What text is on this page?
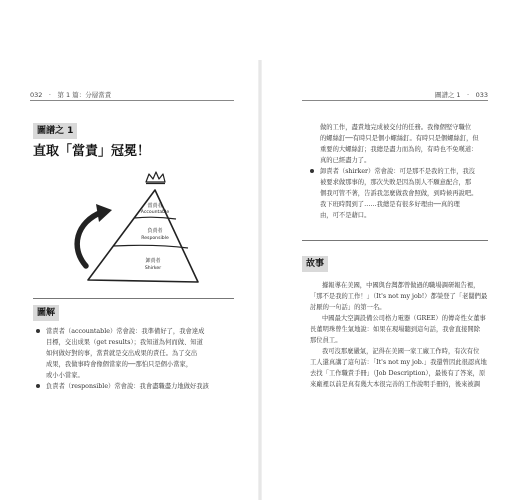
032　·　第 1 篇：分層當責
圖譜之 1
直取「當責」冠冕！
當責者
Accountable
負責者
Responsible
卸責者
Shirker
圖解

當責者（accountable）常會說：我準備好了，我會達成

目標，交出成果（get results）；我知道為何而做、知道

如何做好對的事，當責就是交出成果的責任。為了交出

成果，我做事時會像個當家的──那怕只是個小當家，

或小小當家。

負責者（responsible）常會說：我會盡職盡力地做好我該

圖譜之 1　·　033

做的工作，盡責地完成被交付的任務。我像個堅守職位

的螺絲釘──有時只是個小螺絲釘。有時只是個螺絲釘，但

重要的大螺絲釘；我總是盡力而為的，有時也不免嘆道：

真的已經盡力了。

卸責者（shirker）常會說：可是那不是我的工作，我沒

被要求做那事的，那次失敗是因為別人不願意配合，那

個我可管不著，告訴我怎麼做我會照做，到時候再說吧。

我下班時間到了……我總是有很多好理由──真的理

由，可不是藉口。

故事

據報導在美國，中國與台灣都曾做過的職場調研報告裡，

「那不是我的工作！」（It's not my job!）都榮登了「老闆們最

討厭的一句話」的第一名。

中國最大空調設備公司格力電器（GREE）的傳奇性女董事

長董明珠曾生氣地說：如果在現場聽到這句話，我會直接開除

那位員工。

我可沒那麼嚴氣，記得在美國一家工廠工作時，有次有位

工人還真講了這句話：「It's not my job.」我還曾因此很認真地

去找「工作職責手冊」（Job Description），最後有了答案，原

來廠裡以前是真有幾大本很完善的工作說明手冊的，後來被調
